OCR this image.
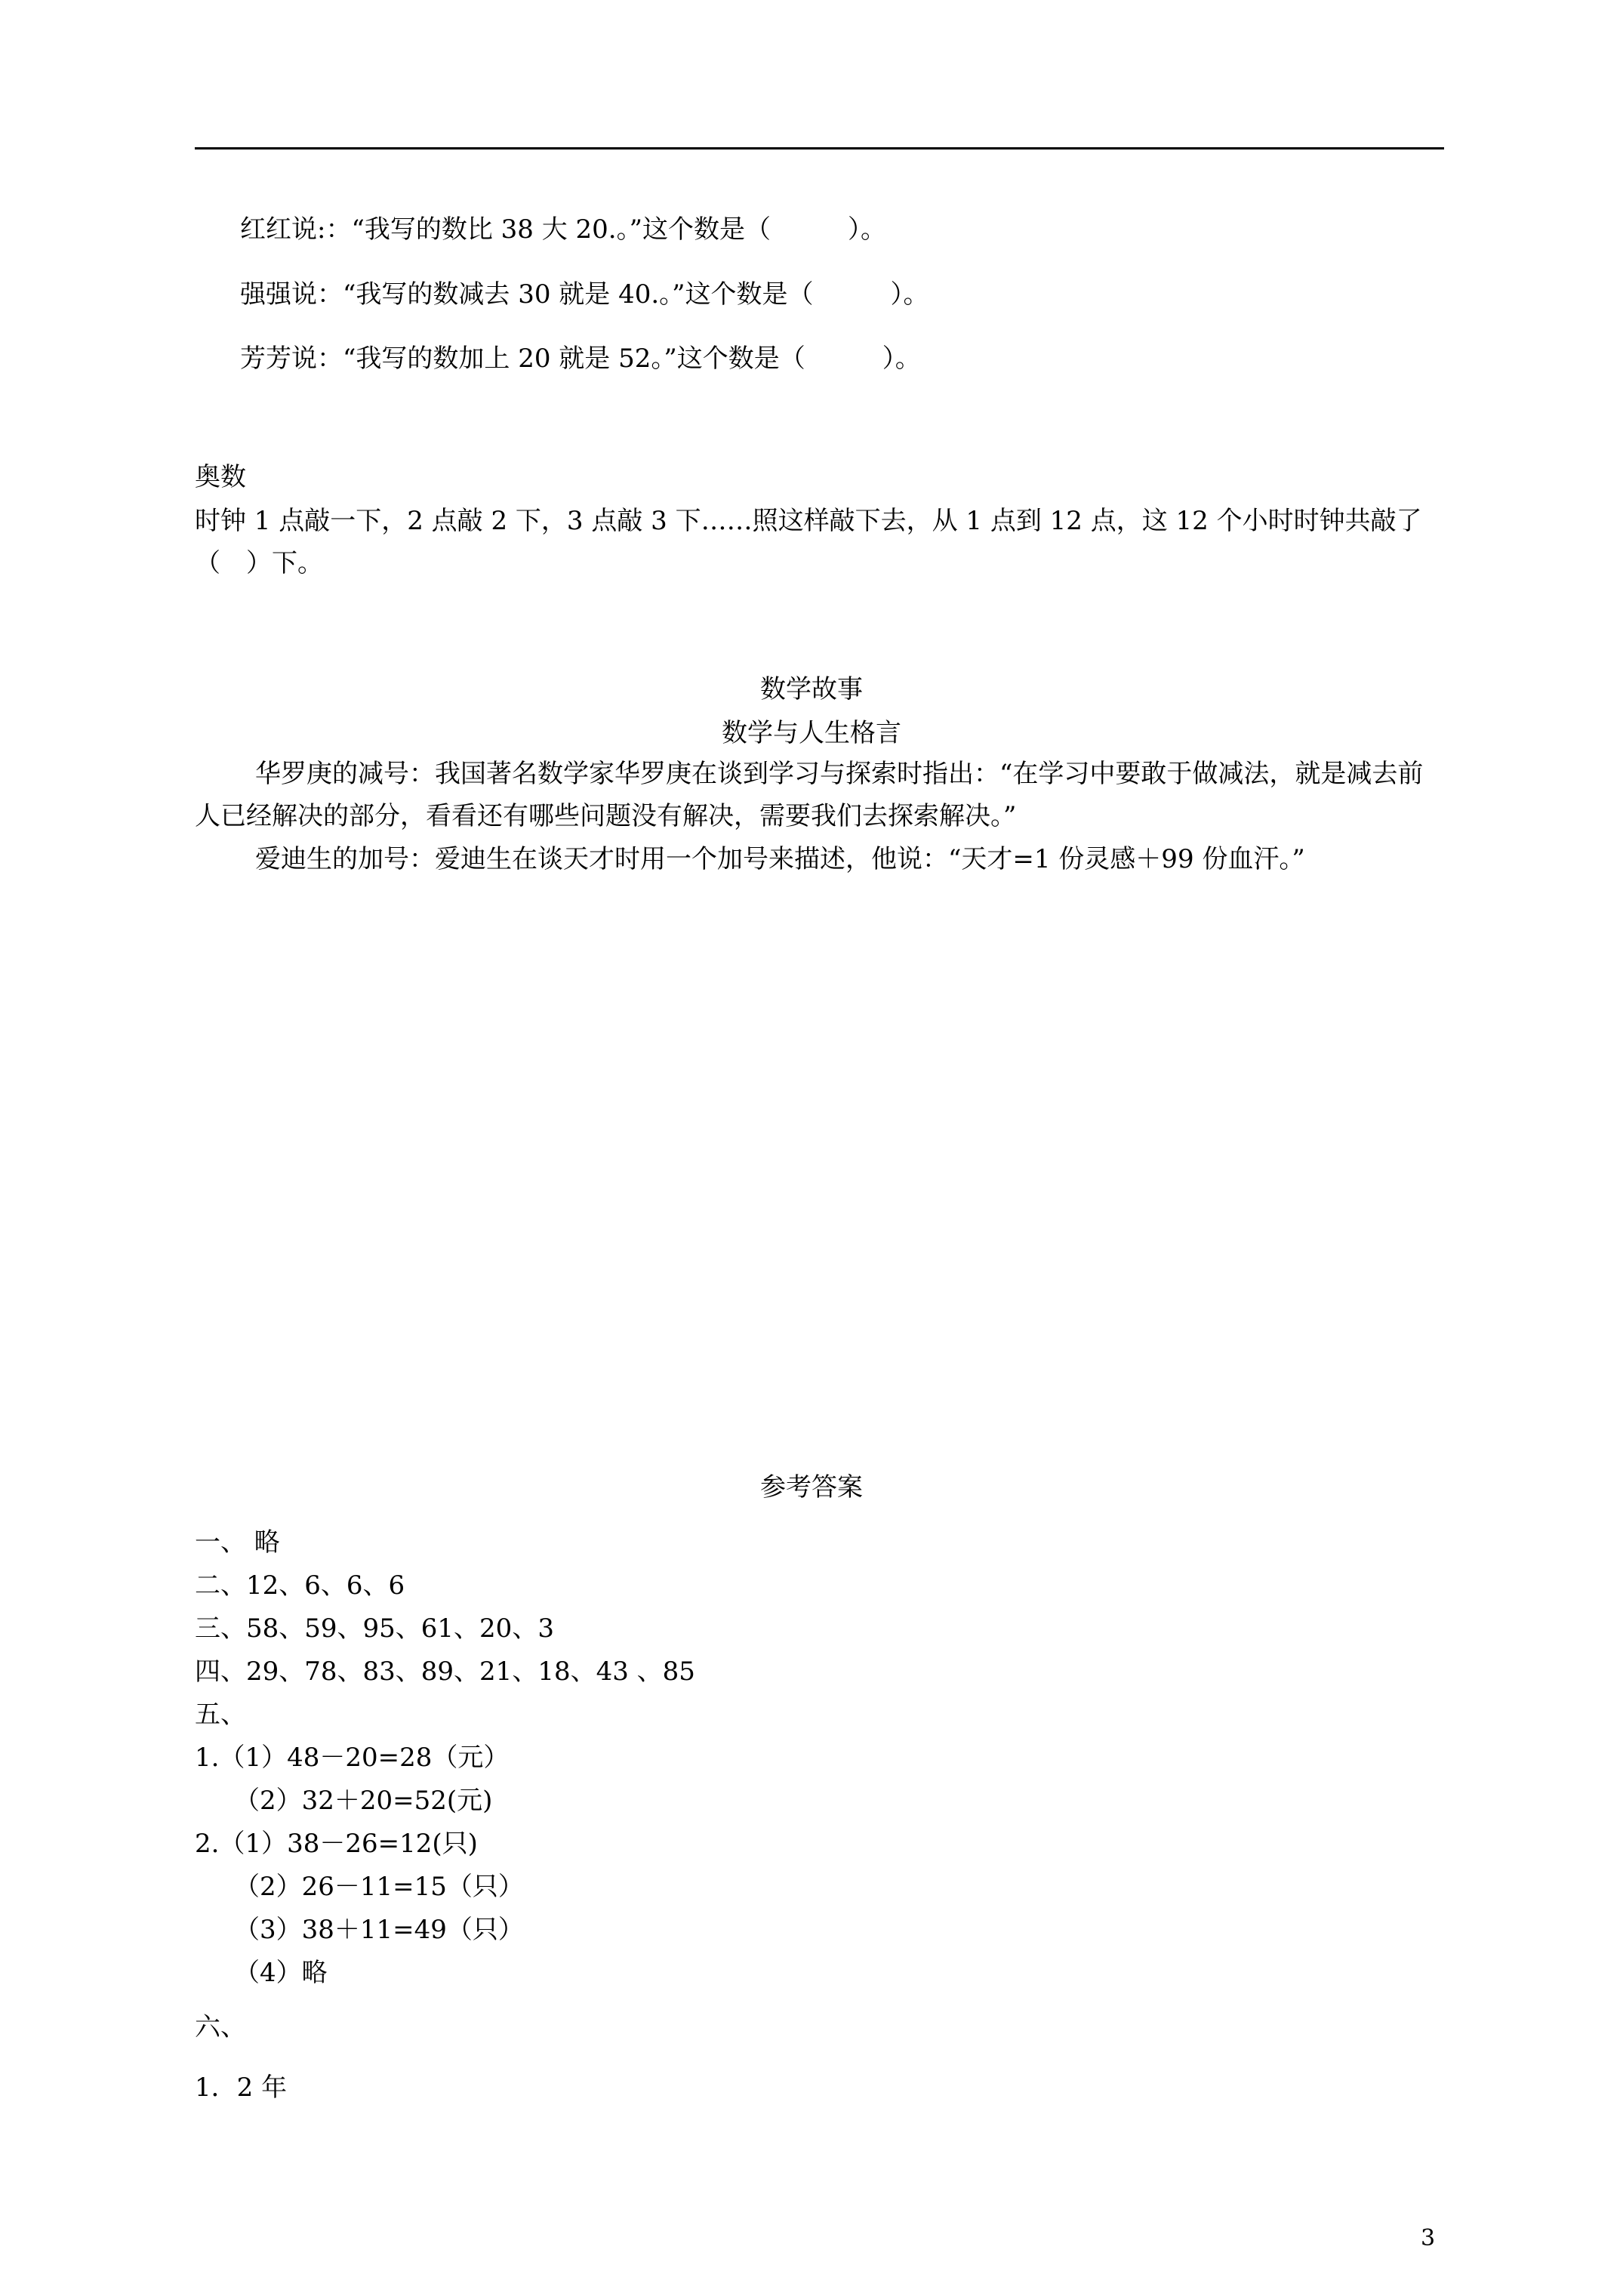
红红说:：“我写的数比 38 大 20.。”这个数是（　　　）。
强强说：“我写的数减去 30 就是 40.。”这个数是（　　　）。
芳芳说：“我写的数加上 20 就是 52。”这个数是（　　　）。
奥数
时钟 1 点敲一下，2 点敲 2 下，3 点敲 3 下……照这样敲下去，从 1 点到 12 点，这 12 个小时时钟共敲了（　）下。
数学故事
数学与人生格言
华罗庚的减号：我国著名数学家华罗庚在谈到学习与探索时指出：“在学习中要敢于做减法，就是减去前人已经解决的部分，看看还有哪些问题没有解决，需要我们去探索解决。”
爱迪生的加号：爱迪生在谈天才时用一个加号来描述，他说：“天才=1 份灵感＋99 份血汗。”
参考答案
一、 略
二、12、6、6、6
三、58、59、95、61、20、3
四、29、78、83、89、21、18、43 、85
五、
1.（1）48－20=28（元）
（2）32＋20=52(元)
2.（1）38－26=12(只)
（2）26－11=15（只）
（3）38＋11=49（只）
（4）略
六、
1．2 年
3
